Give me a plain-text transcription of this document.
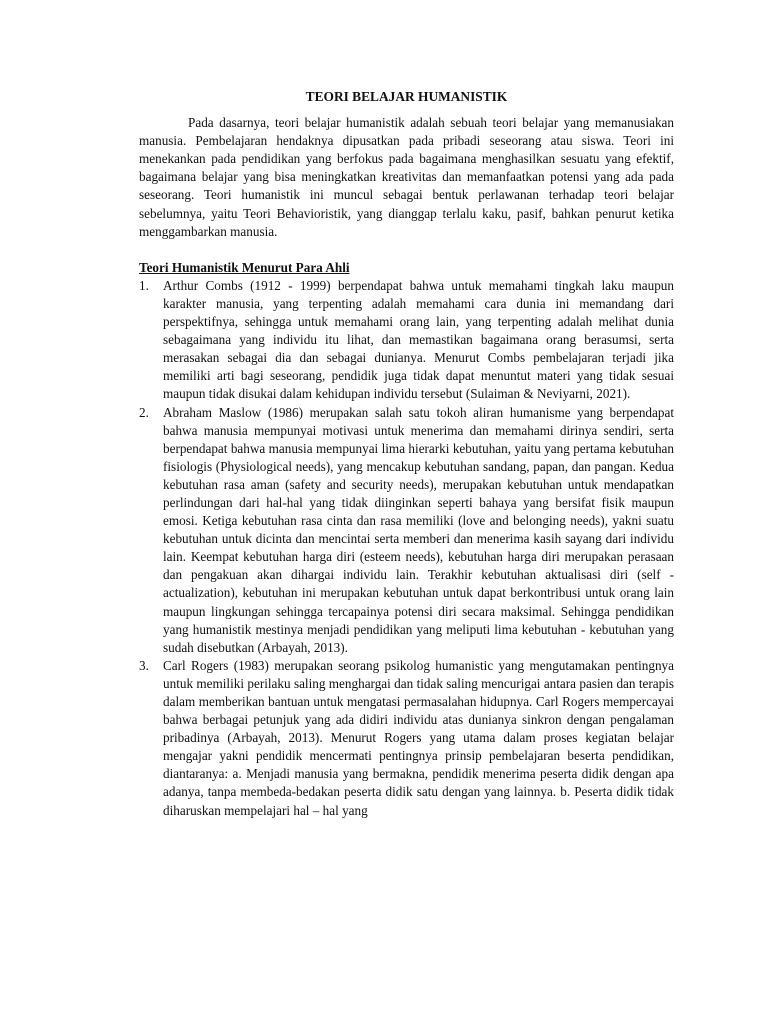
TEORI BELAJAR HUMANISTIK

Pada dasarnya, teori belajar humanistik adalah sebuah teori belajar yang memanusiakan manusia. Pembelajaran hendaknya dipusatkan pada pribadi seseorang atau siswa. Teori ini menekankan pada pendidikan yang berfokus pada bagaimana menghasilkan sesuatu yang efektif, bagaimana belajar yang bisa meningkatkan kreativitas dan memanfaatkan potensi yang ada pada seseorang. Teori humanistik ini muncul sebagai bentuk perlawanan terhadap teori belajar sebelumnya, yaitu Teori Behavioristik, yang dianggap terlalu kaku, pasif, bahkan penurut ketika menggambarkan manusia.

Teori Humanistik Menurut Para Ahli

1. Arthur Combs (1912 - 1999) berpendapat bahwa untuk memahami tingkah laku maupun karakter manusia, yang terpenting adalah memahami cara dunia ini memandang dari perspektifnya, sehingga untuk memahami orang lain, yang terpenting adalah melihat dunia sebagaimana yang individu itu lihat, dan memastikan bagaimana orang berasumsi, serta merasakan sebagai dia dan sebagai dunianya. Menurut Combs pembelajaran terjadi jika memiliki arti bagi seseorang, pendidik juga tidak dapat menuntut materi yang tidak sesuai maupun tidak disukai dalam kehidupan individu tersebut (Sulaiman & Neviyarni, 2021).
2. Abraham Maslow (1986) merupakan salah satu tokoh aliran humanisme yang berpendapat bahwa manusia mempunyai motivasi untuk menerima dan memahami dirinya sendiri, serta berpendapat bahwa manusia mempunyai lima hierarki kebutuhan, yaitu yang pertama kebutuhan fisiologis (Physiological needs), yang mencakup kebutuhan sandang, papan, dan pangan. Kedua kebutuhan rasa aman (safety and security needs), merupakan kebutuhan untuk mendapatkan perlindungan dari hal-hal yang tidak diinginkan seperti bahaya yang bersifat fisik maupun emosi. Ketiga kebutuhan rasa cinta dan rasa memiliki (love and belonging needs), yakni suatu kebutuhan untuk dicinta dan mencintai serta memberi dan menerima kasih sayang dari individu lain. Keempat kebutuhan harga diri (esteem needs), kebutuhan harga diri merupakan perasaan dan pengakuan akan dihargai individu lain. Terakhir kebutuhan aktualisasi diri (self - actualization), kebutuhan ini merupakan kebutuhan untuk dapat berkontribusi untuk orang lain maupun lingkungan sehingga tercapainya potensi diri secara maksimal. Sehingga pendidikan yang humanistik mestinya menjadi pendidikan yang meliputi lima kebutuhan - kebutuhan yang sudah disebutkan (Arbayah, 2013).
3. Carl Rogers (1983) merupakan seorang psikolog humanistic yang mengutamakan pentingnya untuk memiliki perilaku saling menghargai dan tidak saling mencurigai antara pasien dan terapis dalam memberikan bantuan untuk mengatasi permasalahan hidupnya. Carl Rogers mempercayai bahwa berbagai petunjuk yang ada didiri individu atas dunianya sinkron dengan pengalaman pribadinya (Arbayah, 2013). Menurut Rogers yang utama dalam proses kegiatan belajar mengajar yakni pendidik mencermati pentingnya prinsip pembelajaran beserta pendidikan, diantaranya: a. Menjadi manusia yang bermakna, pendidik menerima peserta didik dengan apa adanya, tanpa membeda-bedakan peserta didik satu dengan yang lainnya. b. Peserta didik tidak diharuskan mempelajari hal – hal yang
